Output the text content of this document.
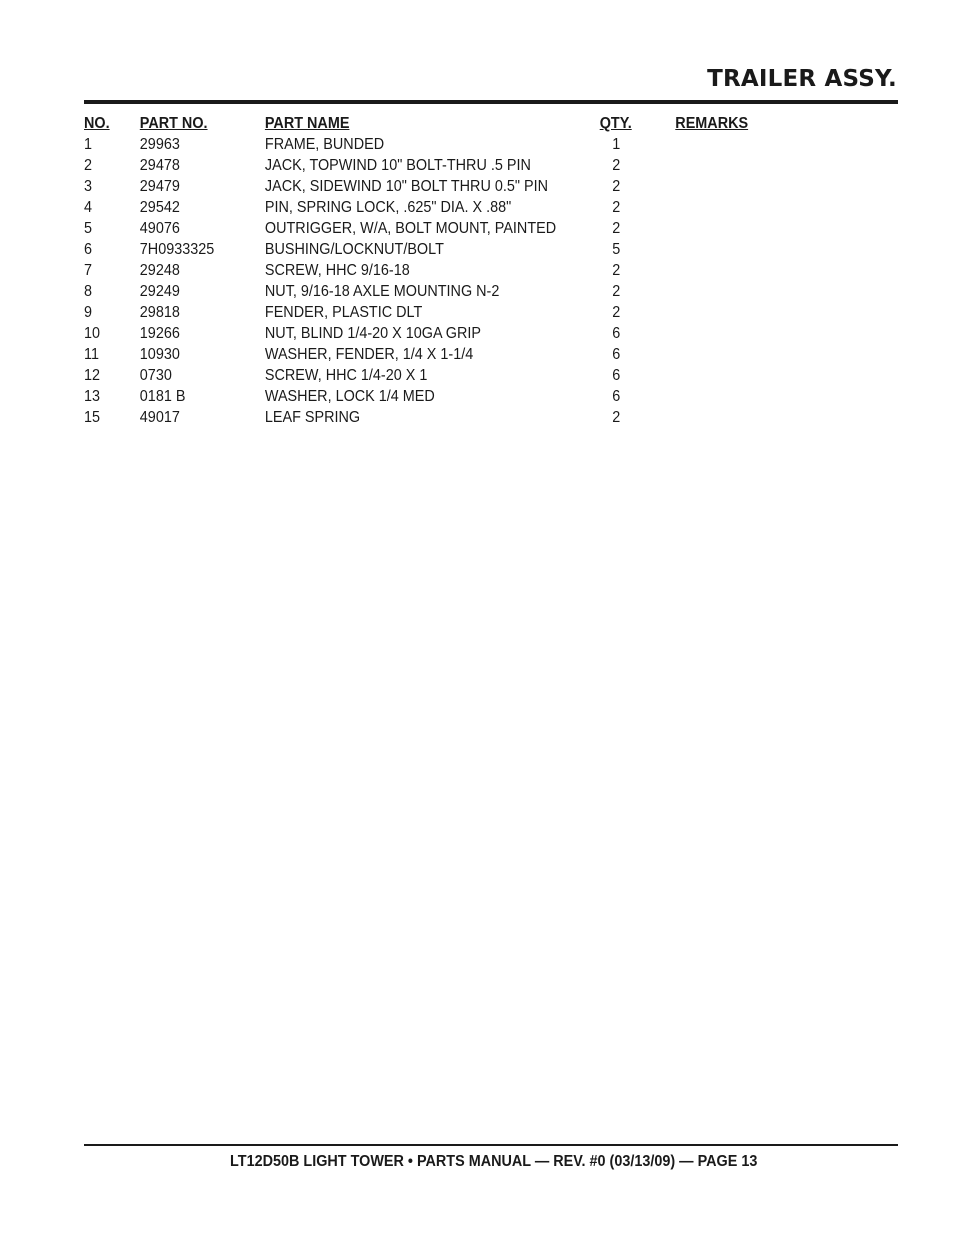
TRAILER ASSY.
NO.	PART NO.	PART NAME	QTY.	REMARKS
1	29963	FRAME, BUNDED	1
2	29478	JACK, TOPWIND 10" BOLT-THRU .5 PIN	2
3	29479	JACK, SIDEWIND 10" BOLT THRU 0.5" PIN	2
4	29542	PIN, SPRING LOCK, .625" DIA. X .88"	2
5	49076	OUTRIGGER, W/A, BOLT MOUNT, PAINTED	2
6	7H0933325	BUSHING/LOCKNUT/BOLT	5
7	29248	SCREW, HHC 9/16-18	2
8	29249	NUT, 9/16-18 AXLE MOUNTING N-2	2
9	29818	FENDER, PLASTIC DLT	2
10	19266	NUT, BLIND 1/4-20 X 10GA GRIP	6
11	10930	WASHER, FENDER, 1/4 X 1-1/4	6
12	0730	SCREW, HHC 1/4-20 X 1	6
13	0181 B	WASHER, LOCK 1/4 MED	6
15	49017	LEAF SPRING	2
LT12D50B LIGHT TOWER • PARTS MANUAL — REV. #0 (03/13/09) — PAGE 13
